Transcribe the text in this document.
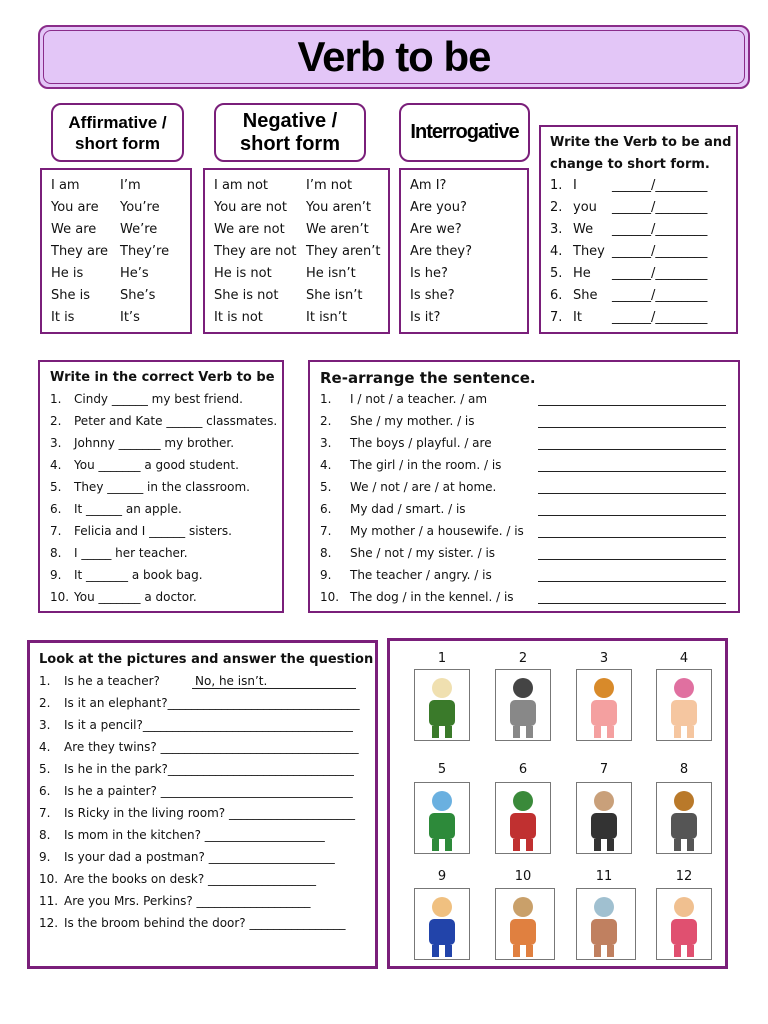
Verb to be
Affirmative / short form
Negative / short form
Interrogative
I am	I’m
You are You’re
We are We’re
They are They’re
He is	He’s
She is She’s
It is	It’s
I am not	I’m not
You are not You aren’t
We are not We aren’t
They are not They aren’t
He is not	He isn’t
She is not She isn’t
It is not	It isn’t
Am I?
Are you?
Are we?
Are they?
Is he?
Is she?
Is it?
Write the Verb to be and
change to short form.
1. I	______/________
2. you ______/________
3. We ______/________
4. They ______/________
5. He ______/________
6. She ______/________
7. It ______/________
Write in the correct Verb to be
1. Cindy ______ my best friend.
2. Peter and Kate ______ classmates.
3. Johnny _______ my brother.
4. You _______ a good student.
5. They ______ in the classroom.
6. It ______ an apple.
7. Felicia and I ______ sisters.
8. I _____ her teacher.
9. It _______ a book bag.
10. You _______ a doctor.
Re-arrange the sentence.
1. I / not / a teacher. / am
2. She / my mother. / is
3. The boys / playful. / are
4. The girl / in the room. / is
5. We / not / are / at home.
6. My dad / smart. / is
7. My mother / a housewife. / is
8. She / not / my sister. / is
9. The teacher / angry. / is
10. The dog / in the kennel. / is
Look at the pictures and answer the question
1. Is he a teacher?
2. Is it an elephant?________________________________
3. Is it a pencil?___________________________________
4. Are they twins? _________________________________
5. Is he in the park?_______________________________
6. Is he a painter? ________________________________
7. Is Ricky in the living room? _____________________
8. Is mom in the kitchen? ____________________
9. Is your dad a postman? _____________________
10. Are the books on desk? __________________
11. Are you Mrs. Perkins? ___________________
12. Is the broom behind the door? ________________
No, he isn’t.
1	2	3	4
5	6	7	8
9	10	11	12
